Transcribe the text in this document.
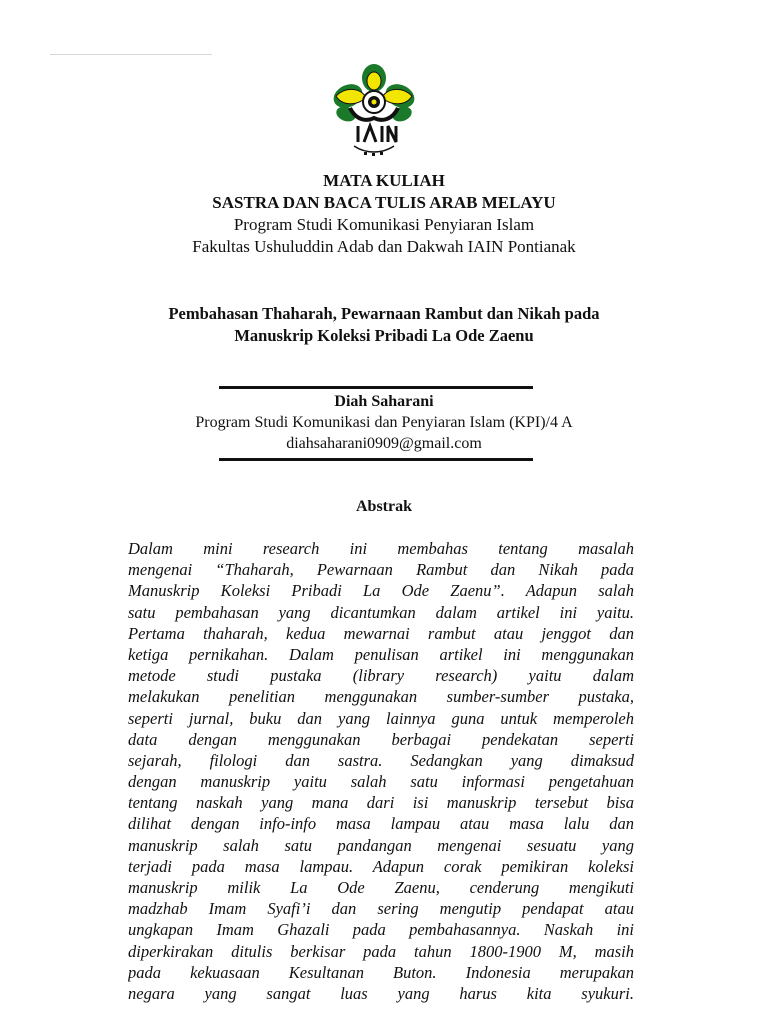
MATA KULIAH

SASTRA DAN BACA TULIS ARAB MELAYU

Program Studi Komunikasi Penyiaran Islam

Fakultas Ushuluddin Adab dan Dakwah IAIN Pontianak

Pembahasan Thaharah, Pewarnaan Rambut dan Nikah pada
Manuskrip Koleksi Pribadi La Ode Zaenu
Diah Saharani
Program Studi Komunikasi dan Penyiaran Islam (KPI)/4 A
diahsaharani0909@gmail.com
Abstrak
Dalam mini research ini membahas tentang masalah
mengenai “Thaharah, Pewarnaan Rambut dan Nikah pada
Manuskrip Koleksi Pribadi La Ode Zaenu”. Adapun salah
satu pembahasan yang dicantumkan dalam artikel ini yaitu.
Pertama thaharah, kedua mewarnai rambut atau jenggot dan
ketiga pernikahan. Dalam penulisan artikel ini menggunakan
metode studi pustaka (library research) yaitu dalam
melakukan penelitian menggunakan sumber-sumber pustaka,
seperti jurnal, buku dan yang lainnya guna untuk memperoleh
data dengan menggunakan berbagai pendekatan seperti
sejarah, filologi dan sastra. Sedangkan yang dimaksud
dengan manuskrip yaitu salah satu informasi pengetahuan
tentang naskah yang mana dari isi manuskrip tersebut bisa
dilihat dengan info-info masa lampau atau masa lalu dan
manuskrip salah satu pandangan mengenai sesuatu yang
terjadi pada masa lampau. Adapun corak pemikiran koleksi
manuskrip milik La Ode Zaenu, cenderung mengikuti
madzhab Imam Syafi’i dan sering mengutip pendapat atau
ungkapan Imam Ghazali pada pembahasannya. Naskah ini
diperkirakan ditulis berkisar pada tahun 1800-1900 M, masih
pada kekuasaan Kesultanan Buton. Indonesia merupakan
negara yang sangat luas yang harus kita syukuri.
